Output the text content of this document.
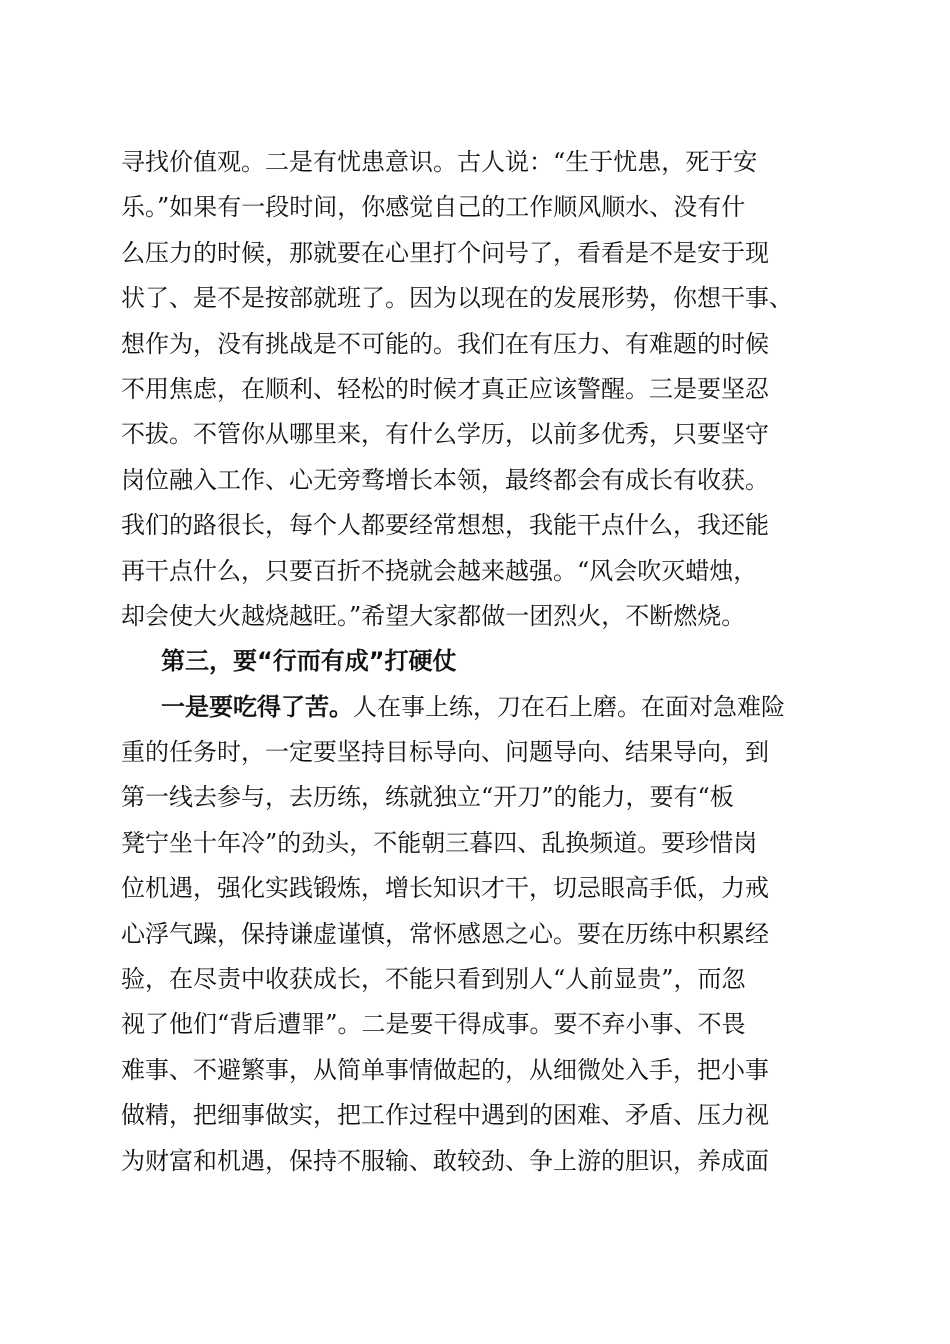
寻找价值观。二是有忧患意识。古人说：“生于忧患，死于安
乐。”如果有一段时间，你感觉自己的工作顺风顺水、没有什
么压力的时候，那就要在心里打个问号了，看看是不是安于现
状了、是不是按部就班了。因为以现在的发展形势，你想干事、
想作为，没有挑战是不可能的。我们在有压力、有难题的时候
不用焦虑，在顺利、轻松的时候才真正应该警醒。三是要坚忍
不拔。不管你从哪里来，有什么学历，以前多优秀，只要坚守
岗位融入工作、心无旁骛增长本领，最终都会有成长有收获。
我们的路很长，每个人都要经常想想，我能干点什么，我还能
再干点什么，只要百折不挠就会越来越强。“风会吹灭蜡烛，
却会使大火越烧越旺。”希望大家都做一团烈火，不断燃烧。
第三，要“行而有成”打硬仗
一是要吃得了苦。人在事上练，刀在石上磨。在面对急难险
重的任务时，一定要坚持目标导向、问题导向、结果导向，到
第一线去参与，去历练，练就独立“开刀”的能力，要有“板
凳宁坐十年冷”的劲头，不能朝三暮四、乱换频道。要珍惜岗
位机遇，强化实践锻炼，增长知识才干，切忌眼高手低，力戒
心浮气躁，保持谦虚谨慎，常怀感恩之心。要在历练中积累经
验，在尽责中收获成长，不能只看到别人“人前显贵”，而忽
视了他们“背后遭罪”。二是要干得成事。要不弃小事、不畏
难事、不避繁事，从简单事情做起的，从细微处入手，把小事
做精，把细事做实，把工作过程中遇到的困难、矛盾、压力视
为财富和机遇，保持不服输、敢较劲、争上游的胆识，养成面
